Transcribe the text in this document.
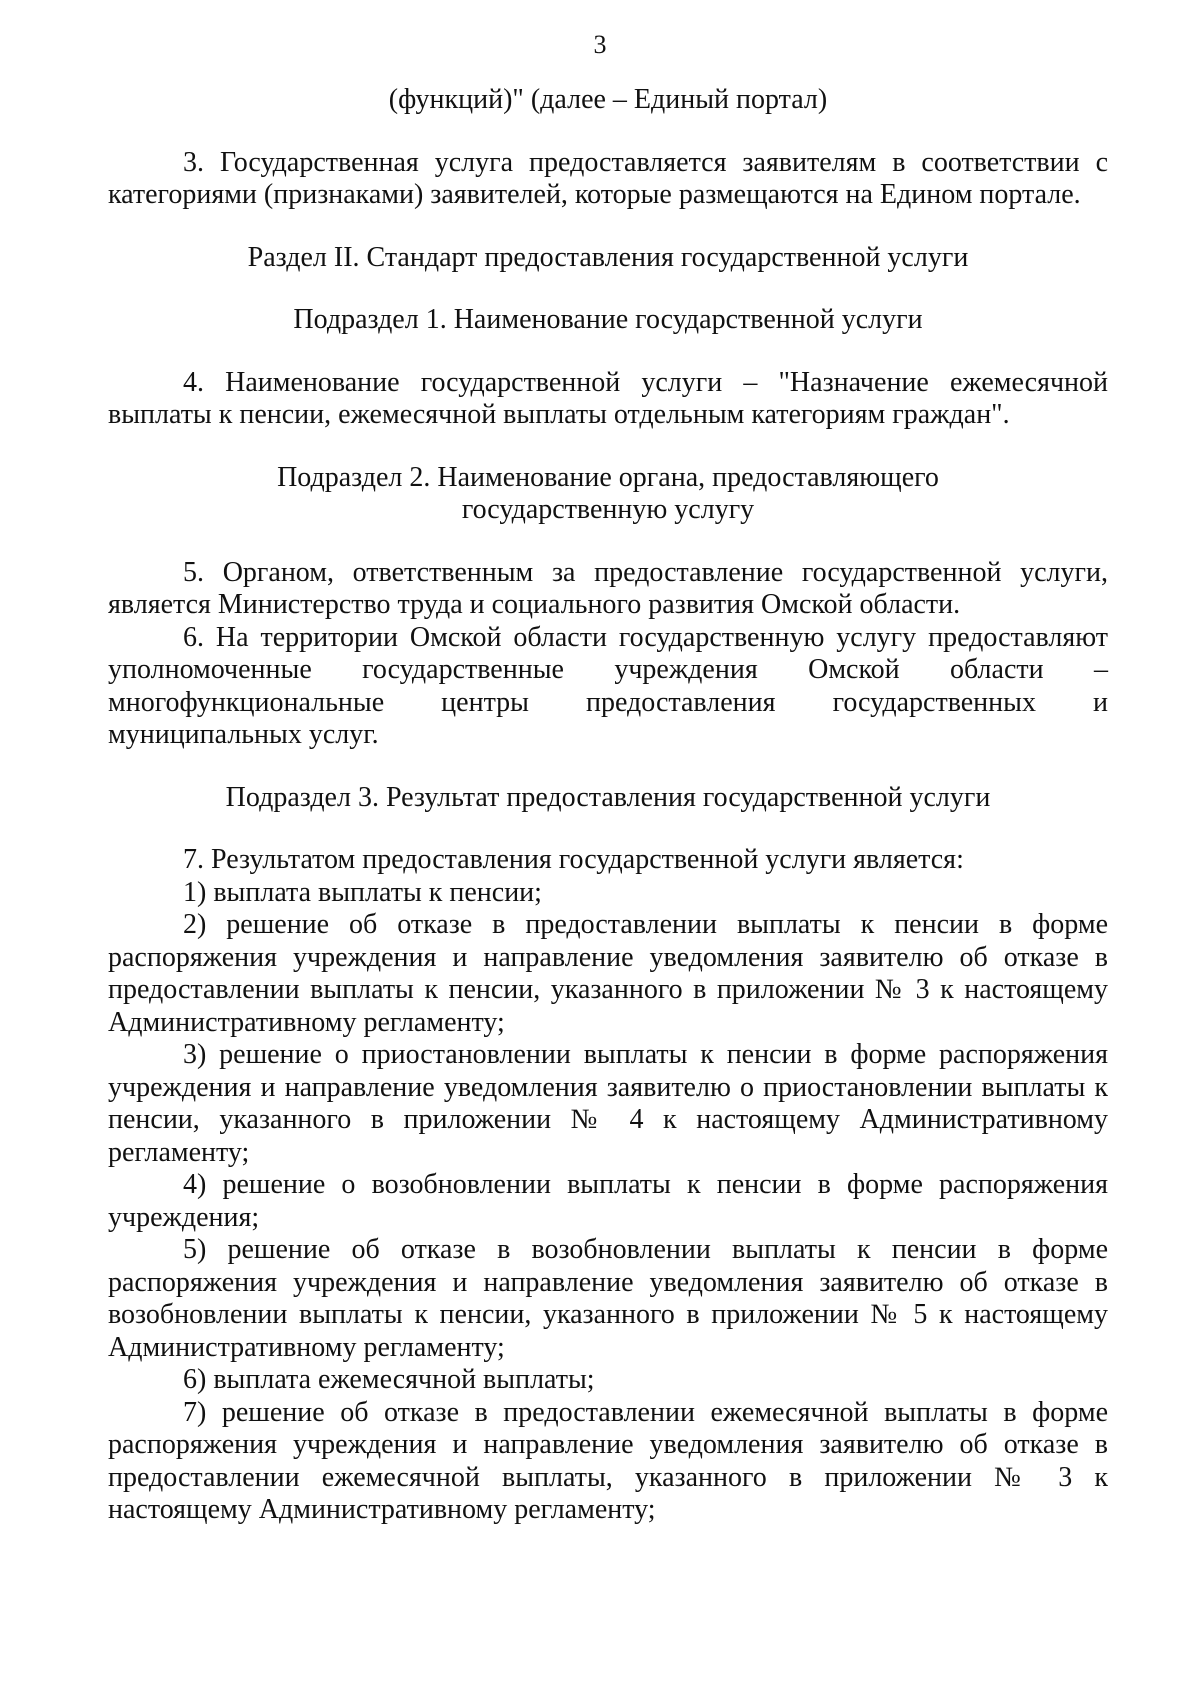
3

(функций)" (далее – Единый портал)

3. Государственная услуга предоставляется заявителям в соответствии с категориями (признаками) заявителей, которые размещаются на Едином портале.

Раздел II. Стандарт предоставления государственной услуги

Подраздел 1. Наименование государственной услуги

4. Наименование государственной услуги – "Назначение ежемесячной выплаты к пенсии, ежемесячной выплаты отдельным категориям граждан".

Подраздел 2. Наименование органа, предоставляющего

государственную услугу

5. Органом, ответственным за предоставление государственной услуги, является Министерство труда и социального развития Омской области.

6. На территории Омской области государственную услугу предоставляют уполномоченные государственные учреждения Омской области – многофункциональные центры предоставления государственных и муниципальных услуг.

Подраздел 3. Результат предоставления государственной услуги

7. Результатом предоставления государственной услуги является:

1) выплата выплаты к пенсии;

2) решение об отказе в предоставлении выплаты к пенсии в форме распоряжения учреждения и направление уведомления заявителю об отказе в предоставлении выплаты к пенсии, указанного в приложении № 3 к настоящему Административному регламенту;

3) решение о приостановлении выплаты к пенсии в форме распоряжения учреждения и направление уведомления заявителю о приостановлении выплаты к пенсии, указанного в приложении № 4 к настоящему Административному регламенту;

4) решение о возобновлении выплаты к пенсии в форме распоряжения учреждения;

5) решение об отказе в возобновлении выплаты к пенсии в форме распоряжения учреждения и направление уведомления заявителю об отказе в возобновлении выплаты к пенсии, указанного в приложении № 5 к настоящему Административному регламенту;

6) выплата ежемесячной выплаты;

7) решение об отказе в предоставлении ежемесячной выплаты в форме распоряжения учреждения и направление уведомления заявителю об отказе в предоставлении ежемесячной выплаты, указанного в приложении № 3 к настоящему Административному регламенту;
